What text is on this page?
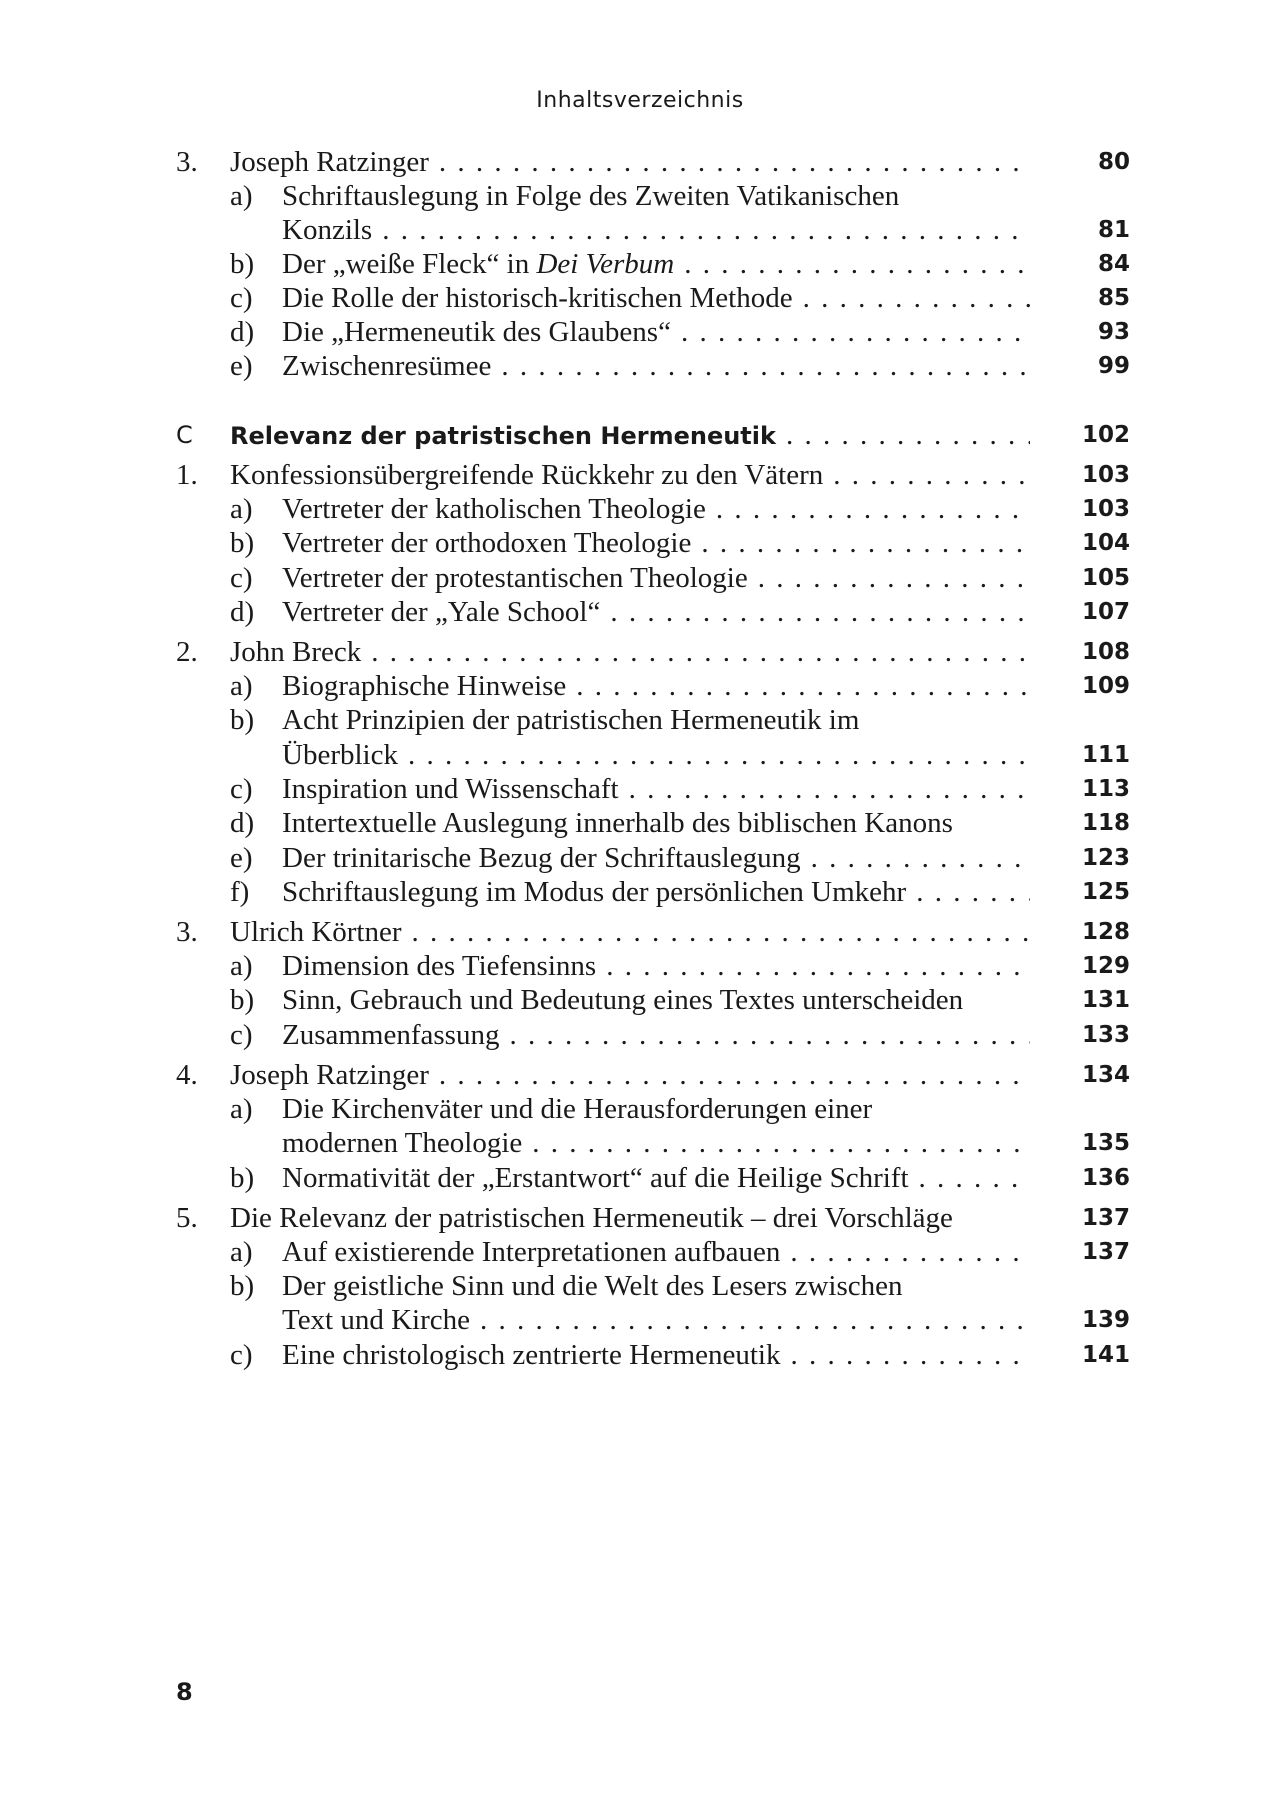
Inhaltsverzeichnis
3. Joseph Ratzinger . . .	80
a) Schriftauslegung in Folge des Zweiten Vatikanischen
Konzils . . .	81
b) Der „weiße Fleck“ in Dei Verbum . . .	84
c) Die Rolle der historisch-kritischen Methode . . .	85
d) Die „Hermeneutik des Glaubens“ . . .	93
e) Zwischenresümee . . .	99
C Relevanz der patristischen Hermeneutik . . .	102
1. Konfessionsübergreifende Rückkehr zu den Vätern . . .	103
a) Vertreter der katholischen Theologie . . .	103
b) Vertreter der orthodoxen Theologie . . .	104
c) Vertreter der protestantischen Theologie . . .	105
d) Vertreter der „Yale School“ . . .	107
2. John Breck . . .	108
a) Biographische Hinweise . . .	109
b) Acht Prinzipien der patristischen Hermeneutik im
Überblick . . .	111
c) Inspiration und Wissenschaft . . .	113
d) Intertextuelle Auslegung innerhalb des biblischen Kanons	118
e) Der trinitarische Bezug der Schriftauslegung . . .	123
f) Schriftauslegung im Modus der persönlichen Umkehr . . .	125
3. Ulrich Körtner . . .	128
a) Dimension des Tiefensinns . . .	129
b) Sinn, Gebrauch und Bedeutung eines Textes unterscheiden	131
c) Zusammenfassung . . .	133
4. Joseph Ratzinger . . .	134
a) Die Kirchenväter und die Herausforderungen einer
modernen Theologie . . .	135
b) Normativität der „Erstantwort“ auf die Heilige Schrift . . .	136
5. Die Relevanz der patristischen Hermeneutik – drei Vorschläge	137
a) Auf existierende Interpretationen aufbauen . . .	137
b) Der geistliche Sinn und die Welt des Lesers zwischen
Text und Kirche . . .	139
c) Eine christologisch zentrierte Hermeneutik . . .	141
8
